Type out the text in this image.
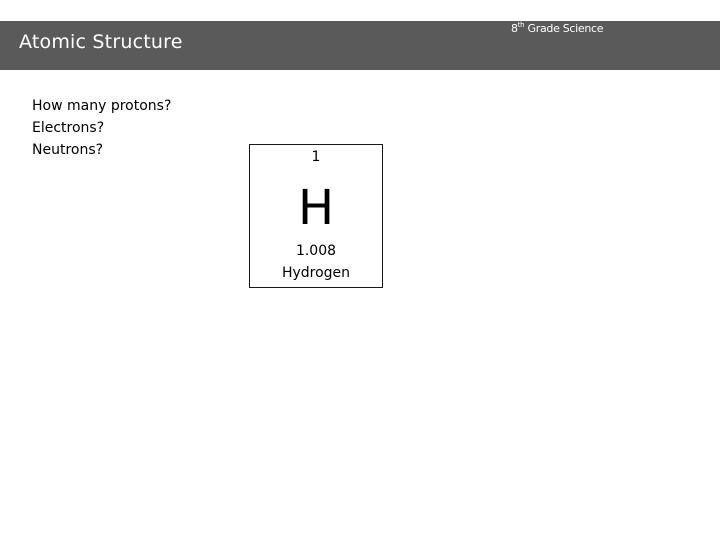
Atomic Structure
8th Grade Science
How many protons?
Electrons?
Neutrons?	1
H
1.008
Hydrogen
